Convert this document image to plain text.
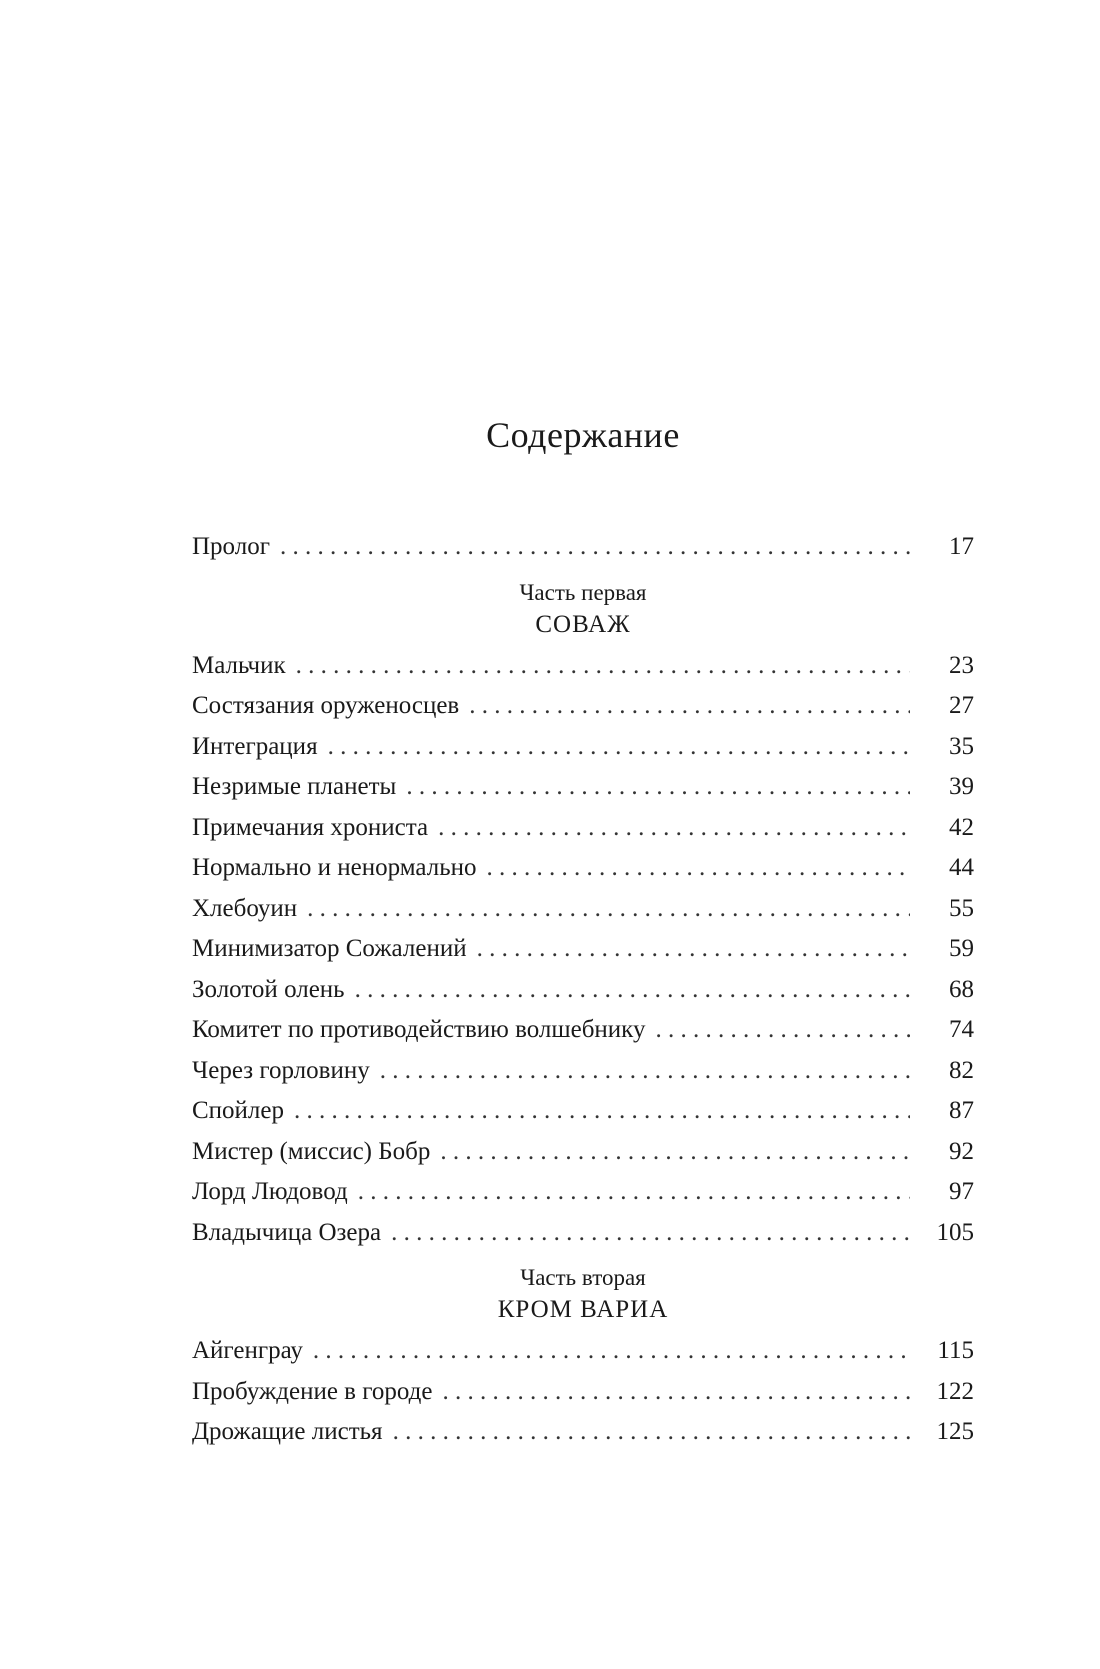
Содержание
Пролог . . .	17
Часть первая
СОВАЖ
Мальчик . . .	23
Состязания оруженосцев . . .	27
Интеграция . . .	35
Незримые планеты . . .	39
Примечания хрониста . . .	42
Нормально и ненормально . . .	44
Хлебоуин . . .	55
Минимизатор Сожалений . . .	59
Золотой олень . . .	68
Комитет по противодействию волшебнику . . .	74
Через горловину . . .	82
Спойлер . . .	87
Мистер (миссис) Бобр . . .	92
Лорд Людовод . . .	97
Владычица Озера . . .	105
Часть вторая
КРОМ ВАРИА
Айгенграу . . .	115
Пробуждение в городе . . .	122
Дрожащие листья . . .	125
